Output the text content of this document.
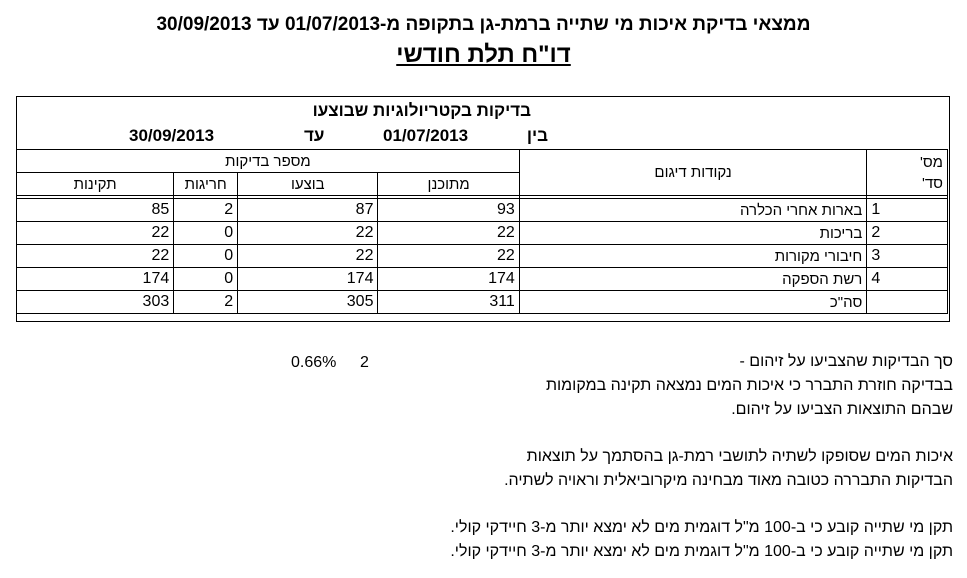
ממצאי בדיקת איכות מי שתייה ברמת-גן בתקופה מ-01/07/2013 עד 30/09/2013
דו"ח תלת חודשי
בדיקות בקטריולוגיות שבוצעו
בין
01/07/2013
עד
30/09/2013
מספר בדיקות				נקודות דיגום	מס'
סד'

תקינות	חריגות	בוצעו	מתוכנן		

85	2	87	93	בארות אחרי הכלרה	1
22	0	22	22	בריכות	2
22	0	22	22	חיבורי מקורות	3
174	0	174	174	רשת הספקה	4
303	2	305	311	סה"כ	
סך הבדיקות שהצביעו על זיהום -
2
0.66%
בבדיקה חוזרת התברר כי איכות המים נמצאה תקינה במקומות
שבהם התוצאות הצביעו על זיהום.
איכות המים שסופקו לשתיה לתושבי רמת-גן בהסתמך על תוצאות
הבדיקות התבררה כטובה מאוד מבחינה מיקרוביאלית וראויה לשתיה.
תקן מי שתייה קובע כי ב-100 מ"ל דוגמית מים לא ימצא יותר מ-3 חיידקי קולי.
תקן מי שתייה קובע כי ב-100 מ"ל דוגמית מים לא ימצא יותר מ-3 חיידקי קולי.
